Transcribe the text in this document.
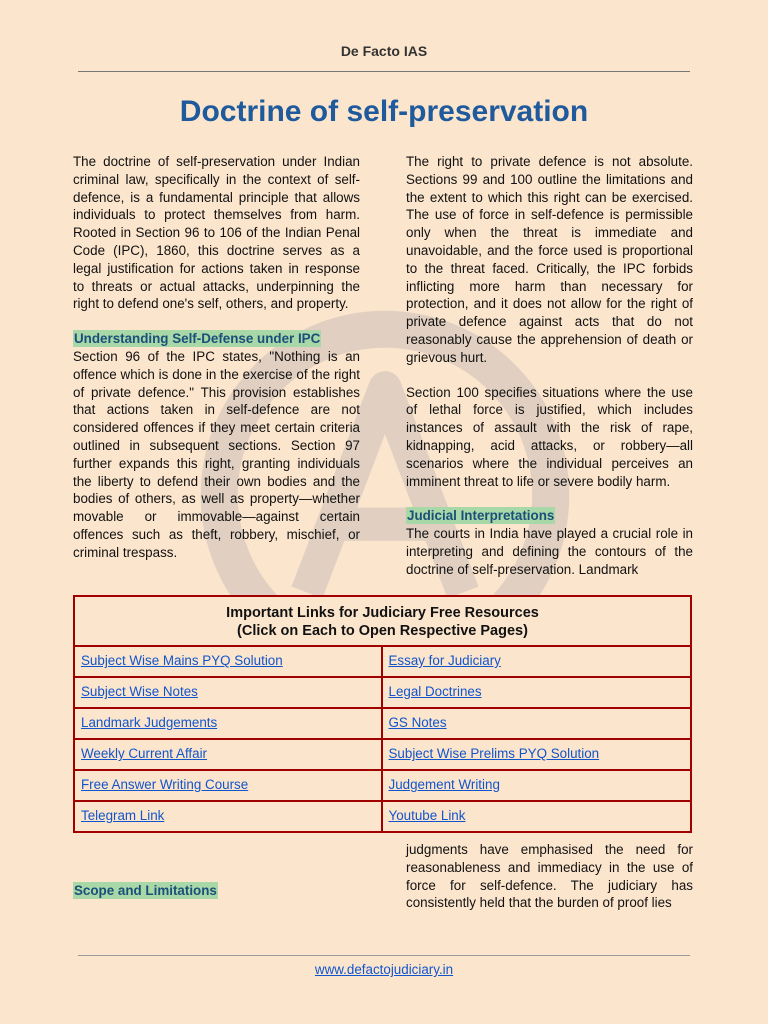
De Facto IAS
Doctrine of self-preservation

The doctrine of self-preservation under Indian criminal law, specifically in the context of self-defence, is a fundamental principle that allows individuals to protect themselves from harm. Rooted in Section 96 to 106 of the Indian Penal Code (IPC), 1860, this doctrine serves as a legal justification for actions taken in response to threats or actual attacks, underpinning the right to defend one's self, others, and property.

Understanding Self-Defense under IPC

Section 96 of the IPC states, "Nothing is an offence which is done in the exercise of the right of private defence." This provision establishes that actions taken in self-defence are not considered offences if they meet certain criteria outlined in subsequent sections. Section 97 further expands this right, granting individuals the liberty to defend their own bodies and the bodies of others, as well as property—whether movable or immovable—against certain offences such as theft, robbery, mischief, or criminal trespass.

The right to private defence is not absolute. Sections 99 and 100 outline the limitations and the extent to which this right can be exercised. The use of force in self-defence is permissible only when the threat is immediate and unavoidable, and the force used is proportional to the threat faced. Critically, the IPC forbids inflicting more harm than necessary for protection, and it does not allow for the right of private defence against acts that do not reasonably cause the apprehension of death or grievous hurt.

Section 100 specifies situations where the use of lethal force is justified, which includes instances of assault with the risk of rape, kidnapping, acid attacks, or robbery—all scenarios where the individual perceives an imminent threat to life or severe bodily harm.

Judicial Interpretations

The courts in India have played a crucial role in interpreting and defining the contours of the doctrine of self-preservation. Landmark

Important Links for Judiciary Free Resources
(Click on Each to Open Respective Pages)
Subject Wise Mains PYQ Solution	Essay for Judiciary
Subject Wise Notes	Legal Doctrines
Landmark Judgements	GS Notes
Weekly Current Affair	Subject Wise Prelims PYQ Solution
Free Answer Writing Course	Judgement Writing
Telegram Link	Youtube Link
Scope and Limitations

judgments have emphasised the need for reasonableness and immediacy in the use of force for self-defence. The judiciary has consistently held that the burden of proof lies

www.defactojudiciary.in
